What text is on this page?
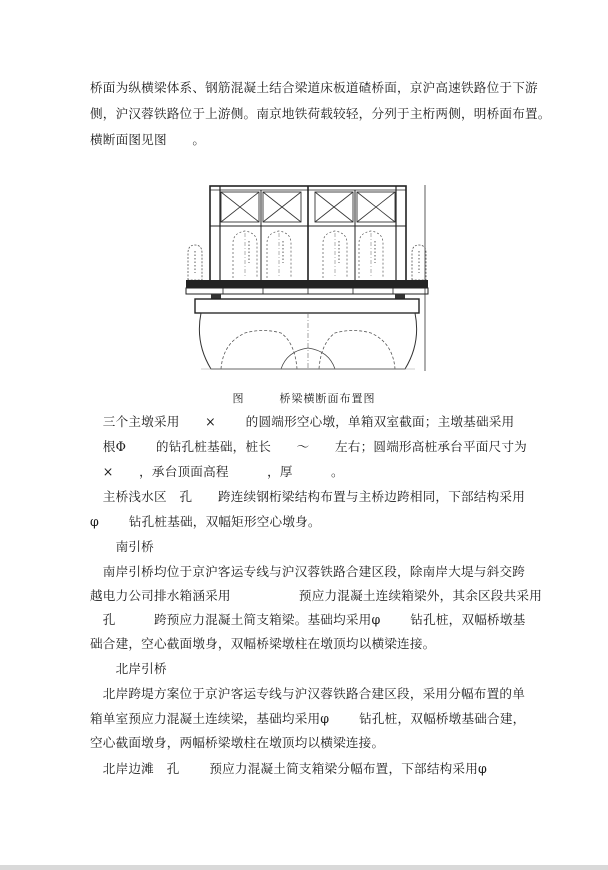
桥面为纵横梁体系、钢筋混凝土结合梁道床板道碴桥面，京沪高速铁路位于下游
侧，沪汉蓉铁路位于上游侧。南京地铁荷载较轻，分列于主桁两侧，明桥面布置。
横断面图见图　　。
图	桥梁横断面布置图
　三个主墩采用　　×　　 的圆端形空心墩，单箱双室截面；主墩基础采用
　根Φ　　 的钻孔桩基础，桩长　　～　　左右；圆端形高桩承台平面尺寸为
　×　　，承台顶面高程　　　，厚　　　。
　主桥浅水区　孔　　跨连续钢桁梁结构布置与主桥边跨相同，下部结构采用
φ　　 钻孔桩基础，双幅矩形空心墩身。
　　南引桥
　南岸引桥均位于京沪客运专线与沪汉蓉铁路合建区段，除南岸大堤与斜交跨
越电力公司排水箱涵采用　　　　　 预应力混凝土连续箱梁外，其余区段共采用
　孔　　　跨预应力混凝土简支箱梁。基础均采用φ　　 钻孔桩，双幅桥墩基
础合建，空心截面墩身，双幅桥梁墩柱在墩顶均以横梁连接。
　　北岸引桥
　北岸跨堤方案位于京沪客运专线与沪汉蓉铁路合建区段，采用分幅布置的单
箱单室预应力混凝土连续梁，基础均采用φ　　 钻孔桩，双幅桥墩基础合建，
空心截面墩身，两幅桥梁墩柱在墩顶均以横梁连接。
　北岸边滩　孔　　 预应力混凝土简支箱梁分幅布置，下部结构采用φ
